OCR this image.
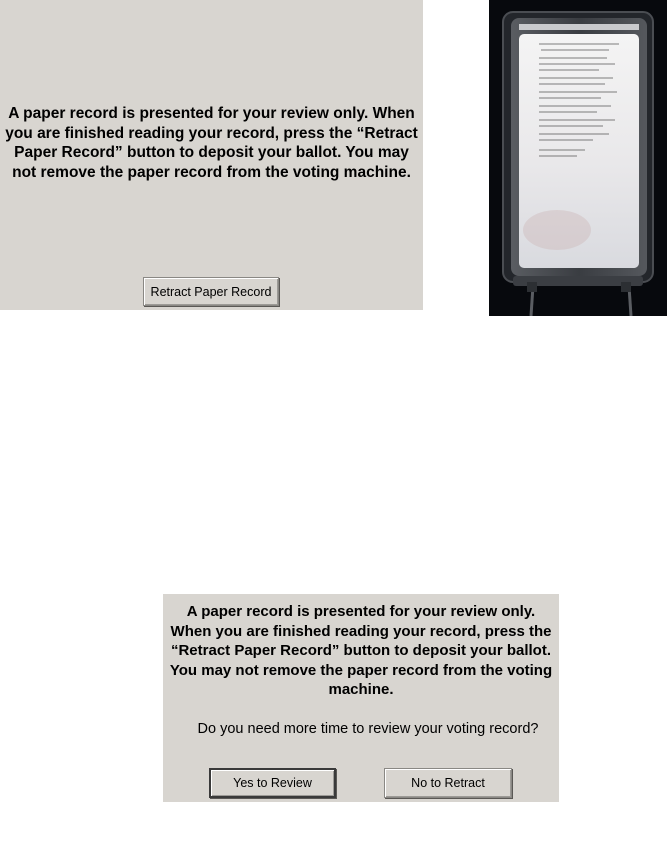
A paper record is presented for your review only. When you are finished reading your record, press the “Retract Paper Record” button to deposit your ballot. You may not remove the paper record from the voting machine.

Retract Paper Record

A paper record is presented for your review only. When you are finished reading your record, press the “Retract Paper Record” button to deposit your ballot. You may not remove the paper record from the voting machine.

Do you need more time to review your voting record?
Yes to Review	No to Retract
